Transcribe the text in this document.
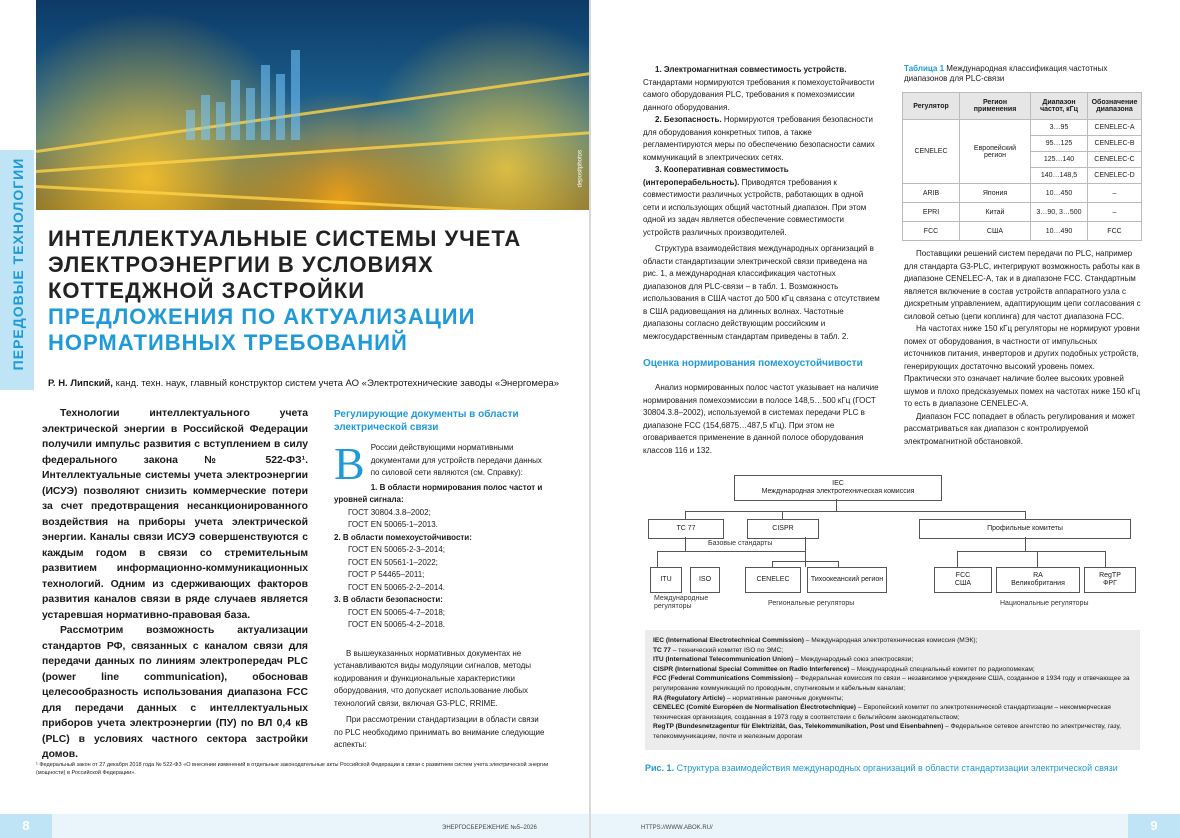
ПЕРЕДОВЫЕ ТЕХНОЛОГИИ	depositphotos
ИНТЕЛЛЕКТУАЛЬНЫЕ СИСТЕМЫ УЧЕТА
ЭЛЕКТРОЭНЕРГИИ В УСЛОВИЯХ
КОТТЕДЖНОЙ ЗАСТРОЙКИ
ПРЕДЛОЖЕНИЯ ПО АКТУАЛИЗАЦИИ
НОРМАТИВНЫХ ТРЕБОВАНИЙ
Р. Н. Липский, канд. техн. наук, главный конструктор систем учета АО «Электротехнические заводы «Энергомера»

Технологии интеллектуального учета электрической энергии в Российской Федерации получили импульс развития с вступлением в силу федерального закона № 522-ФЗ¹. Интеллектуальные системы учета электроэнергии (ИСУЭ) позволяют снизить коммерческие потери за счет предотвращения несанкционированного воздействия на приборы учета электрической энергии. Каналы связи ИСУЭ совершенствуются с каждым годом в связи со стремительным развитием информационно-коммуникационных технологий. Одним из сдерживающих факторов развития каналов связи в ряде случаев является устаревшая нормативно-правовая база.

Рассмотрим возможность актуализации стандартов РФ, связанных с каналом связи для передачи данных по линиям электропередач PLC (power line communication), обосновав целесообразность использования диапазона FCC для передачи данных с интеллектуальных приборов учета электроэнергии (ПУ) по ВЛ 0,4 кВ (PLC) в условиях частного сектора застройки домов.

Регулирующие документы в области электрической связи
В России действующими нормативными документами для устройств передачи данных по силовой сети являются (см. Справку):

1. В области нормирования полос частот и уровней сигнала:

ГОСТ 30804.3.8–2002;

ГОСТ EN 50065-1–2013.

2. В области помехоустойчивости:

ГОСТ EN 50065-2-3–2014;

ГОСТ EN 50561-1–2022;

ГОСТ Р 54465–2011;

ГОСТ EN 50065-2-2–2014.

3. В области безопасности:

ГОСТ EN 50065-4-7–2018;

ГОСТ EN 50065-4-2–2018.

В вышеуказанных нормативных документах не устанавливаются виды модуляции сигналов, методы кодирования и функциональные характеристики оборудования, что допускает использование любых технологий связи, включая G3-PLC, RRIME.

При рассмотрении стандартизации в области связи по PLC необходимо принимать во внимание следующие аспекты:

¹ Федеральный закон от 27 декабря 2018 года № 522-ФЗ «О внесении изменений в отдельные законодательные акты Российской Федерации в связи с развитием систем учета электрической энергии (мощности) в Российской Федерации».
8	ЭНЕРГОСБЕРЕЖЕНИЕ №5–2026

1. Электромагнитная совместимость устройств. Стандартами нормируются требования к помехоустойчивости самого оборудования PLC, требования к помехоэмиссии данного оборудования.

2. Безопасность. Нормируются требования безопасности для оборудования конкретных типов, а также регламентируются меры по обеспечению безопасности самих коммуникаций в электрических сетях.

3. Кооперативная совместимость (интероперабельность). Приводятся требования к совместимости различных устройств, работающих в одной сети и использующих общий частотный диапазон. При этом одной из задач является обеспечение совместимости устройств различных производителей.

Структура взаимодействия международных организаций в области стандартизации электрической связи приведена на рис. 1, а международная классификация частотных диапазонов для PLC-связи – в табл. 1. Возможность использования в США частот до 500 кГц связана с отсутствием в США радиовещания на длинных волнах. Частотные диапазоны согласно действующим российским и межгосударственным стандартам приведены в табл. 2.

Оценка нормирования помехоустойчивости

Анализ нормированных полос частот указывает на наличие нормирования помехоэмиссии в полосе 148,5…500 кГц (ГОСТ 30804.3.8–2002), используемой в системах передачи PLC в диапазоне FCC (154,6875…487,5 кГц). При этом не оговаривается применение в данной полосе оборудования классов 116 и 132.

Таблица 1 Международная классификация частотных диапазонов для PLC-связи
Регулятор	Регион применения	Диапазон частот, кГц	Обозначение диапазона
CENELEC	Европейский регион	3…95	CENELEC-A
		95…125	CENELEC-B
		125…140	CENELEC-C
		140…148,5	CENELEC-D
ARIB	Япония	10…450	–
EPRI	Китай	3…90, 3…500	–
FCC	США	10…490	FCC

Поставщики решений систем передачи по PLC, например для стандарта G3-PLC, интегрируют возможность работы как в диапазоне CENELEC-A, так и в диапазоне FCC. Стандартным является включение в состав устройств аппаратного узла с дискретным управлением, адаптирующим цепи согласования с силовой сетью (цепи коплинга) для частот диапазона FCC.

На частотах ниже 150 кГц регуляторы не нормируют уровни помех от оборудования, в частности от импульсных источников питания, инверторов и других подобных устройств, генерирующих достаточно высокий уровень помех. Практически это означает наличие более высоких уровней шумов и плохо предсказуемых помех на частотах ниже 150 кГц то есть в диапазоне CENELEC-A.

Диапазон FCC попадает в область регулирования и может рассматриваться как диапазон с контролируемой электромагнитной обстановкой.

HTTPS://WWW.ABOK.RU/	9
IEC
Международная электротехническая комиссия
TC 77	CISPR	Профильные комитеты
Базовые стандарты
ITU	ISO	CENELEC	Тихоокеанский регион
FCC
США
RA
Великобритания
RegTP
ФРГ
Международные регуляторы	Региональные регуляторы	Национальные регуляторы

IEC (International Electrotechnical Commission) – Международная электротехническая комиссия (МЭК);

TC 77 – технический комитет ISO по ЭМС;

ITU (International Telecommunication Union) – Международный союз электросвязи;

CISPR (International Special Committee on Radio Interference) – Международный специальный комитет по радиопомехам;

FCC (Federal Communications Commission) – Федеральная комиссия по связи – независимое учреждение США, созданное в 1934 году и отвечающее за регулирование коммуникаций по проводным, спутниковым и кабельным каналам;

RA (Regulatory Article) – нормативные рамочные документы;

CENELEC (Comité Européen de Normalisation Électrotechnique) – Европейский комитет по электротехнической стандартизации – некоммерческая техническая организация, созданная в 1973 году в соответствии с бельгийским законодательством;

RegTP (Bundesnetzagentur für Elektrizität, Gas, Telekommunikation, Post und Eisenbahnen) – Федеральное сетевое агентство по электричеству, газу, телекоммуникациям, почте и железным дорогам

Рис. 1. Структура взаимодействия международных организаций в области стандартизации электрической связи
